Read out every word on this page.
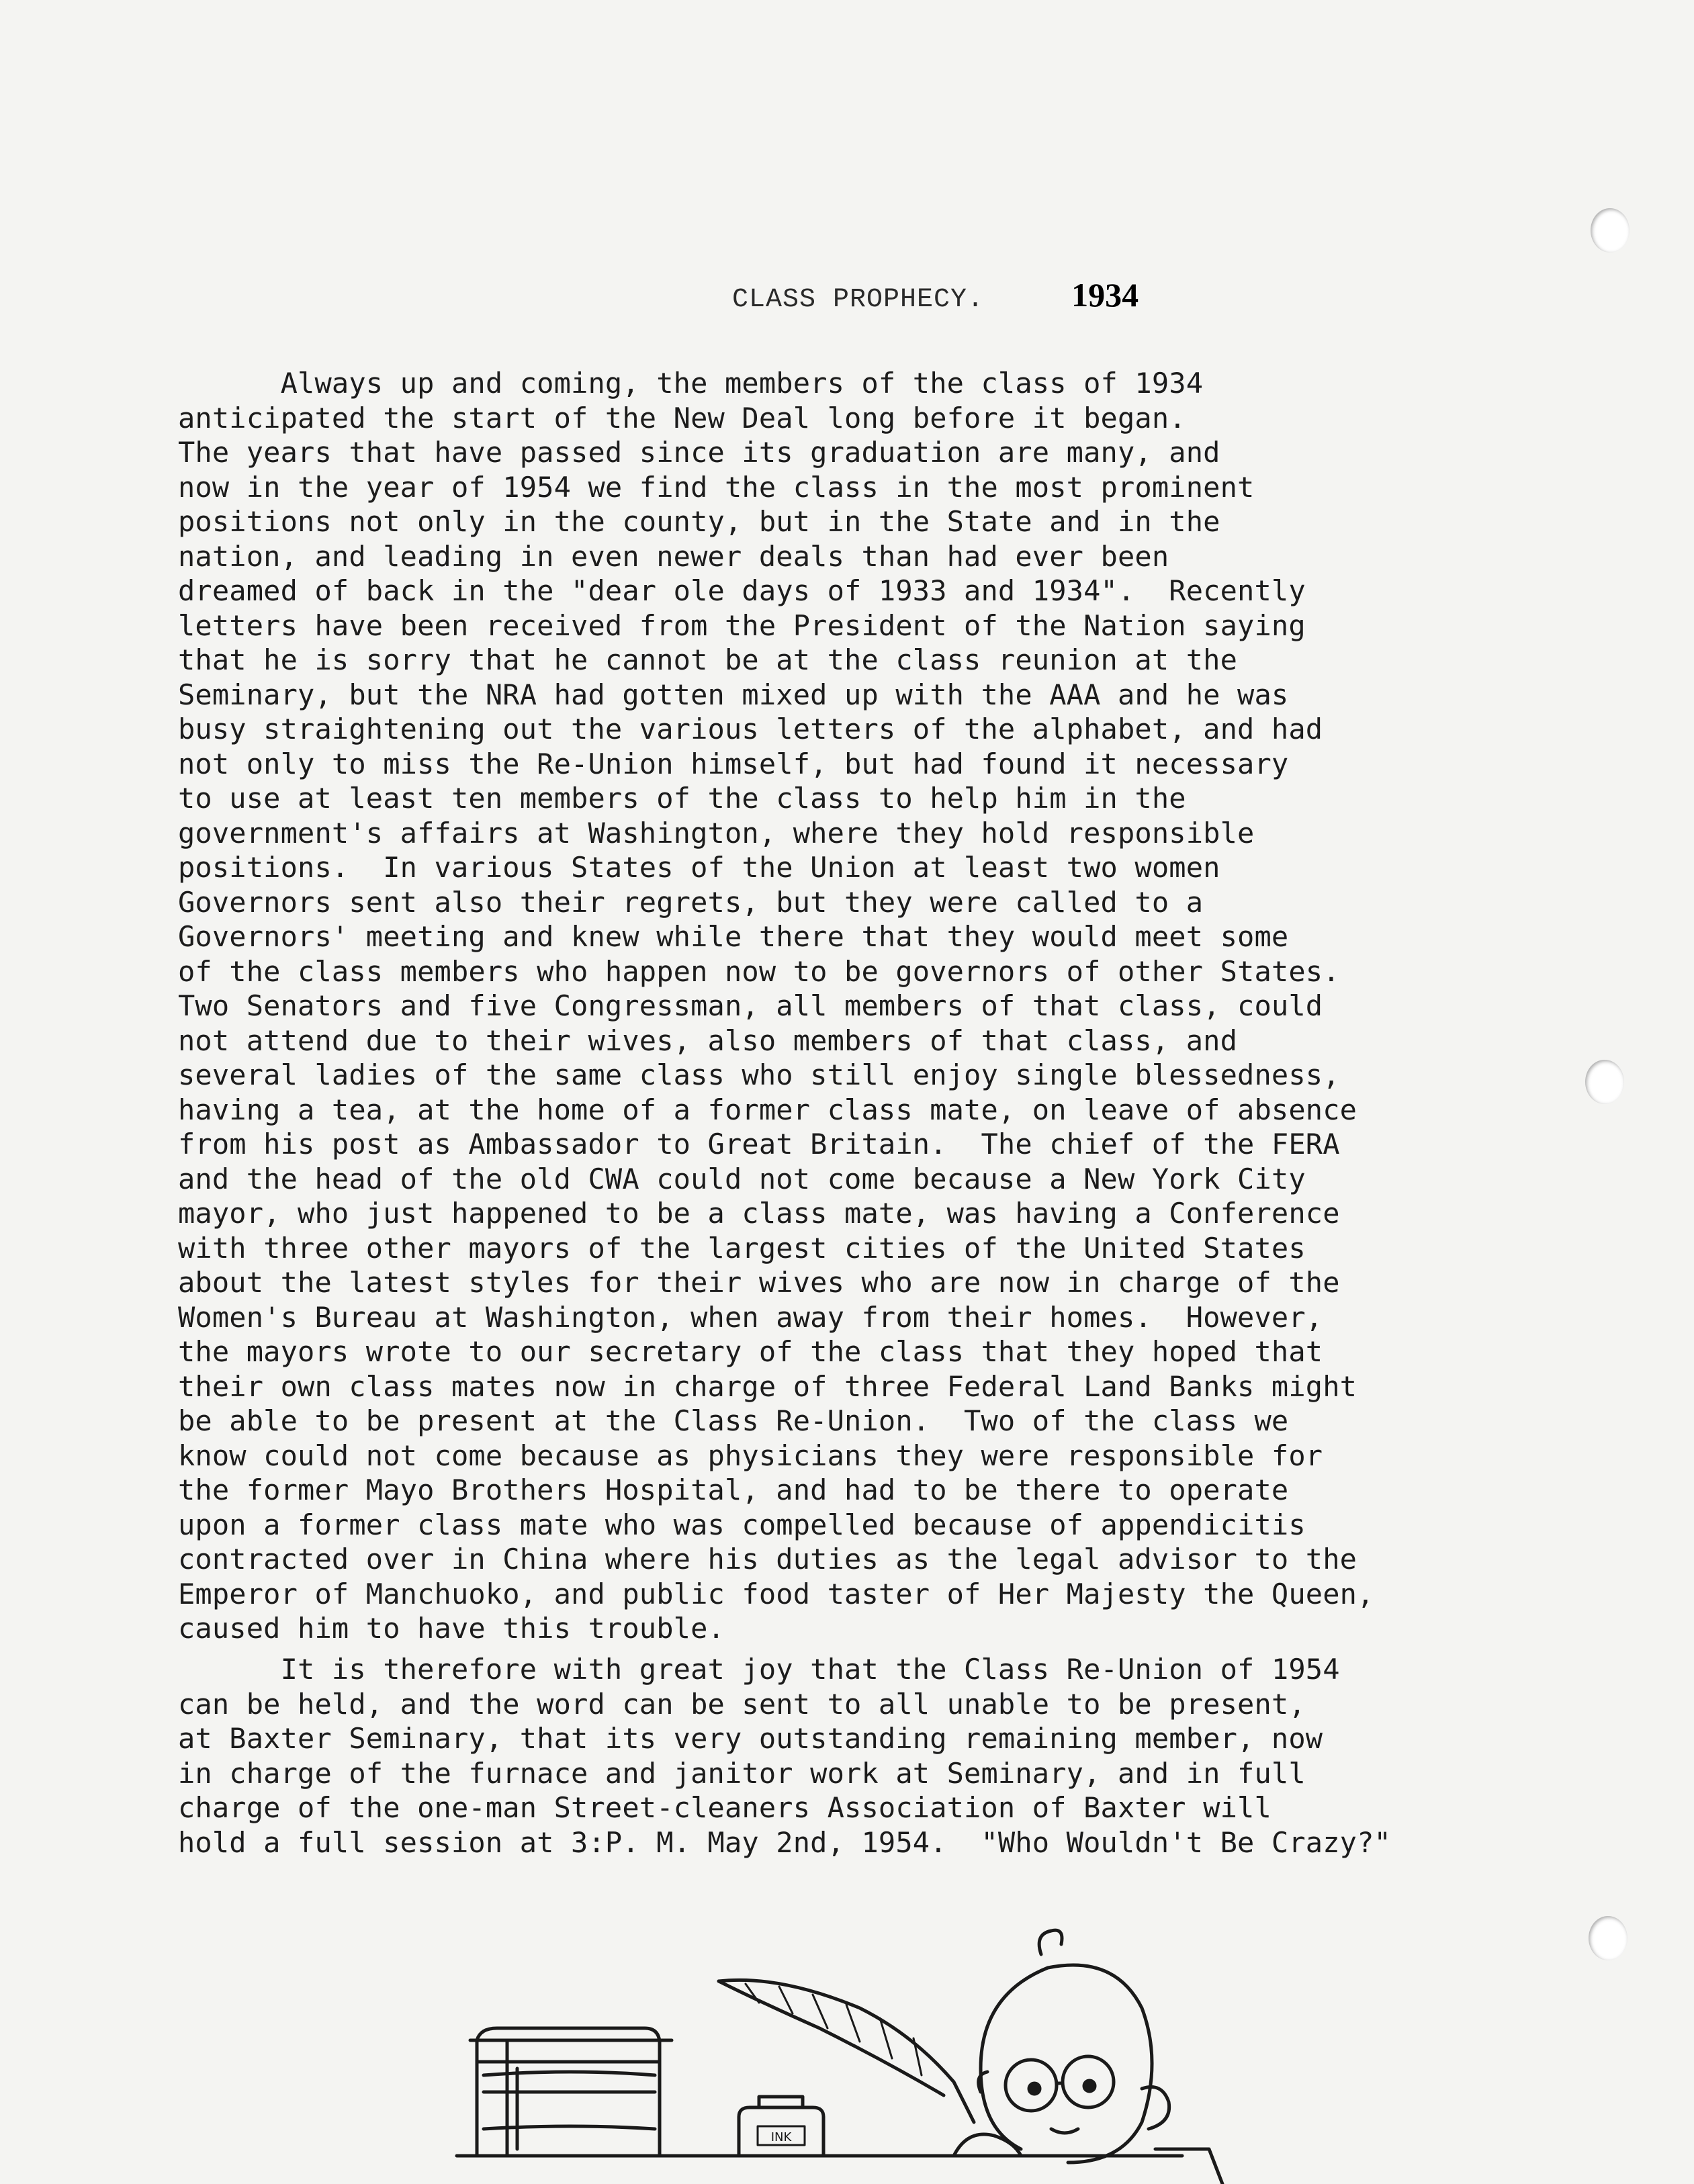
CLASS PROPHECY.	1934
Always up and coming, the members of the class of 1934
anticipated the start of the New Deal long before it began.
The years that have passed since its graduation are many, and
now in the year of 1954 we find the class in the most prominent
positions not only in the county, but in the State and in the
nation, and leading in even newer deals than had ever been
dreamed of back in the "dear ole days of 1933 and 1934".  Recently
letters have been received from the President of the Nation saying
that he is sorry that he cannot be at the class reunion at the
Seminary, but the NRA had gotten mixed up with the AAA and he was
busy straightening out the various letters of the alphabet, and had
not only to miss the Re-Union himself, but had found it necessary
to use at least ten members of the class to help him in the
government's affairs at Washington, where they hold responsible
positions.  In various States of the Union at least two women
Governors sent also their regrets, but they were called to a
Governors' meeting and knew while there that they would meet some
of the class members who happen now to be governors of other States.
Two Senators and five Congressman, all members of that class, could
not attend due to their wives, also members of that class, and
several ladies of the same class who still enjoy single blessedness,
having a tea, at the home of a former class mate, on leave of absence
from his post as Ambassador to Great Britain.  The chief of the FERA
and the head of the old CWA could not come because a New York City
mayor, who just happened to be a class mate, was having a Conference
with three other mayors of the largest cities of the United States
about the latest styles for their wives who are now in charge of the
Women's Bureau at Washington, when away from their homes.  However,
the mayors wrote to our secretary of the class that they hoped that
their own class mates now in charge of three Federal Land Banks might
be able to be present at the Class Re-Union.  Two of the class we
know could not come because as physicians they were responsible for
the former Mayo Brothers Hospital, and had to be there to operate
upon a former class mate who was compelled because of appendicitis
contracted over in China where his duties as the legal advisor to the
Emperor of Manchuoko, and public food taster of Her Majesty the Queen,
caused him to have this trouble.
It is therefore with great joy that the Class Re-Union of 1954
can be held, and the word can be sent to all unable to be present,
at Baxter Seminary, that its very outstanding remaining member, now
in charge of the furnace and janitor work at Seminary, and in full
charge of the one-man Street-cleaners Association of Baxter will
hold a full session at 3:P. M. May 2nd, 1954.  "Who Wouldn't Be Crazy?"
INK
